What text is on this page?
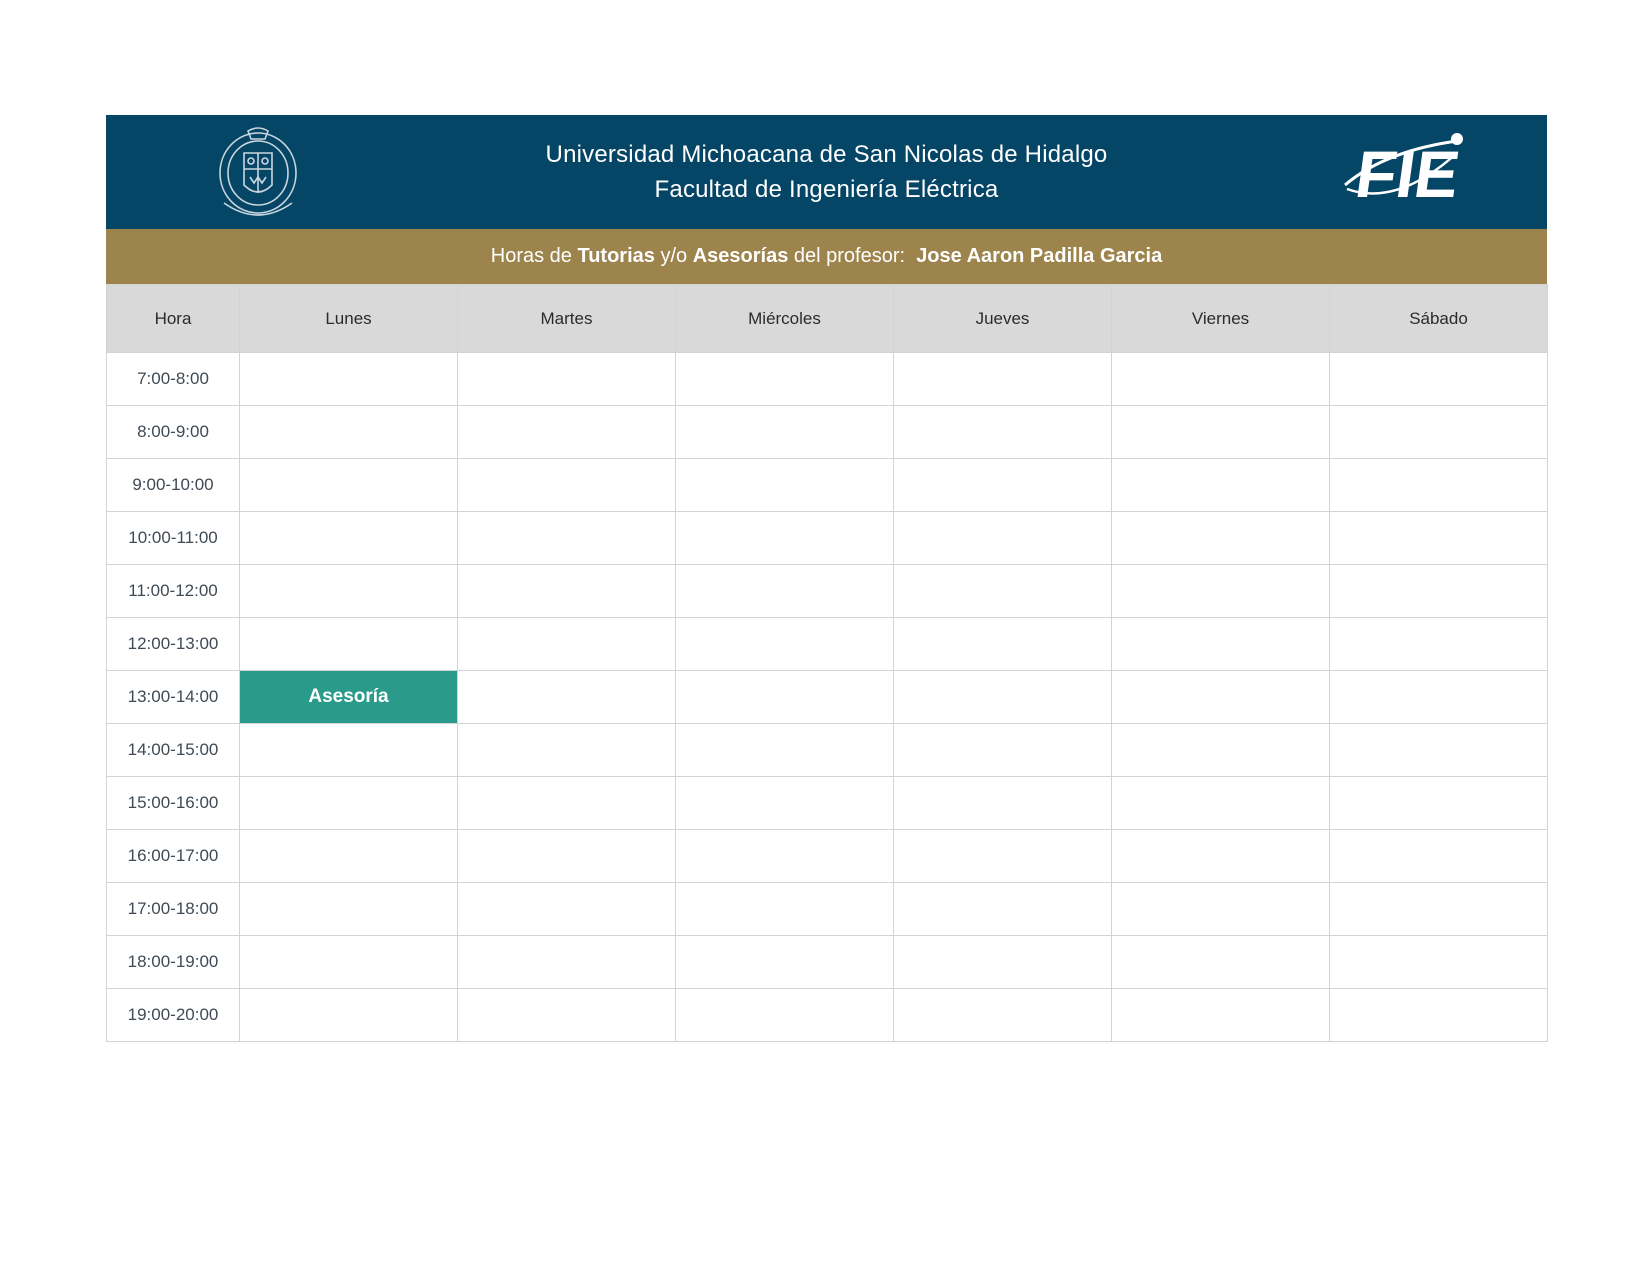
Universidad Michoacana de San Nicolas de Hidalgo
Facultad de Ingeniería Eléctrica	FIE
Horas de Tutorias y/o Asesorías del profesor:  Jose Aaron Padilla Garcia
Hora	Lunes	Martes	Miércoles	Jueves	Viernes	Sábado
7:00-8:00						
8:00-9:00						
9:00-10:00						
10:00-11:00						
11:00-12:00						
12:00-13:00						
13:00-14:00	Asesoría					
14:00-15:00						
15:00-16:00						
16:00-17:00						
17:00-18:00						
18:00-19:00						
19:00-20:00						
